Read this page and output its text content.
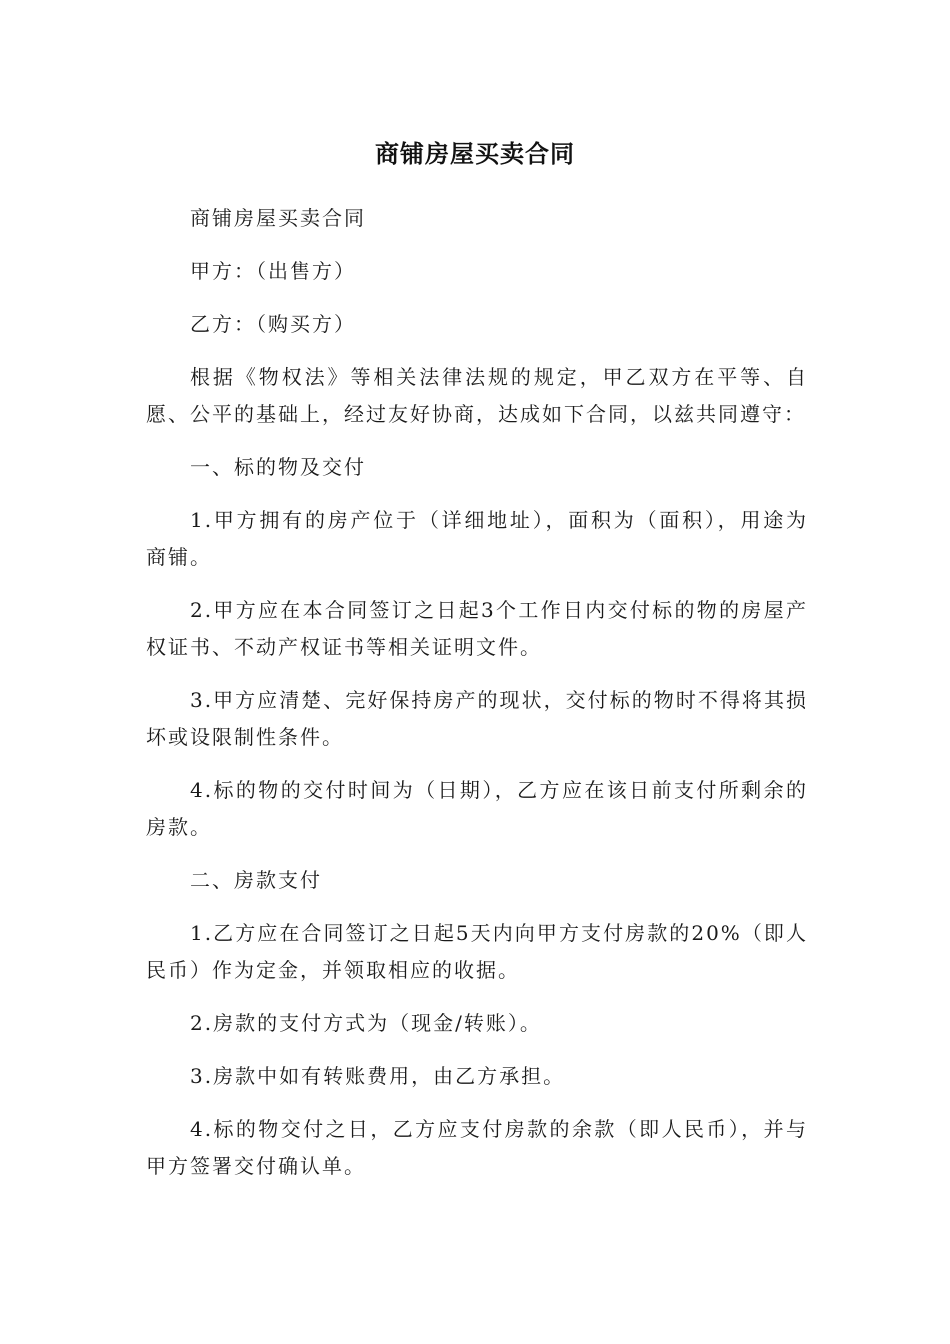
商铺房屋买卖合同

商铺房屋买卖合同

甲方：（出售方）

乙方：（购买方）

根据《物权法》等相关法律法规的规定，甲乙双方在平等、自愿、公平的基础上，经过友好协商，达成如下合同，以兹共同遵守：

一、标的物及交付

1.甲方拥有的房产位于（详细地址），面积为（面积），用途为商铺。

2.甲方应在本合同签订之日起3个工作日内交付标的物的房屋产权证书、不动产权证书等相关证明文件。

3.甲方应清楚、完好保持房产的现状，交付标的物时不得将其损坏或设限制性条件。

4.标的物的交付时间为（日期），乙方应在该日前支付所剩余的房款。

二、房款支付

1.乙方应在合同签订之日起5天内向甲方支付房款的20%（即人民币）作为定金，并领取相应的收据。

2.房款的支付方式为（现金/转账）。

3.房款中如有转账费用，由乙方承担。

4.标的物交付之日，乙方应支付房款的余款（即人民币），并与甲方签署交付确认单。
